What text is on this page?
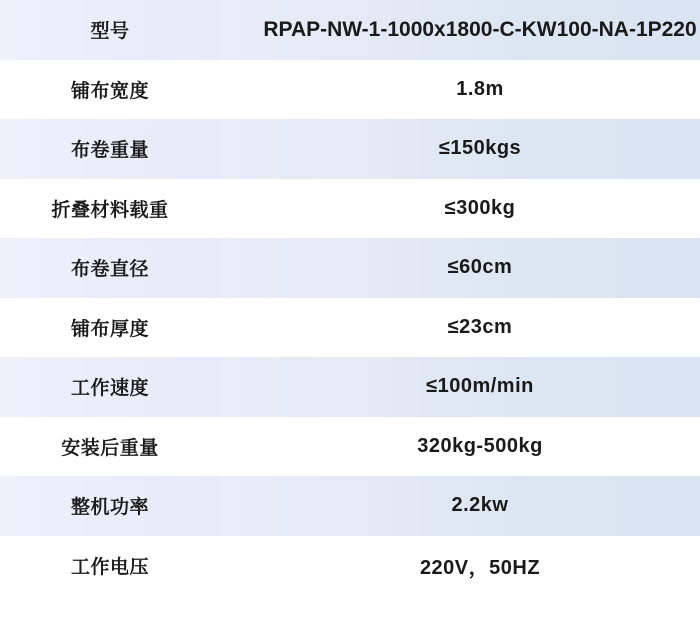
型号	RPAP-NW-1-1000x1800-C-KW100-NA-1P220
铺布宽度	1.8m
布卷重量	≤150kgs
折叠材料载重	≤300kg
布卷直径	≤60cm
铺布厚度	≤23cm
工作速度	≤100m/min
安装后重量	320kg-500kg
整机功率	2.2kw
工作电压	220V，50HZ
